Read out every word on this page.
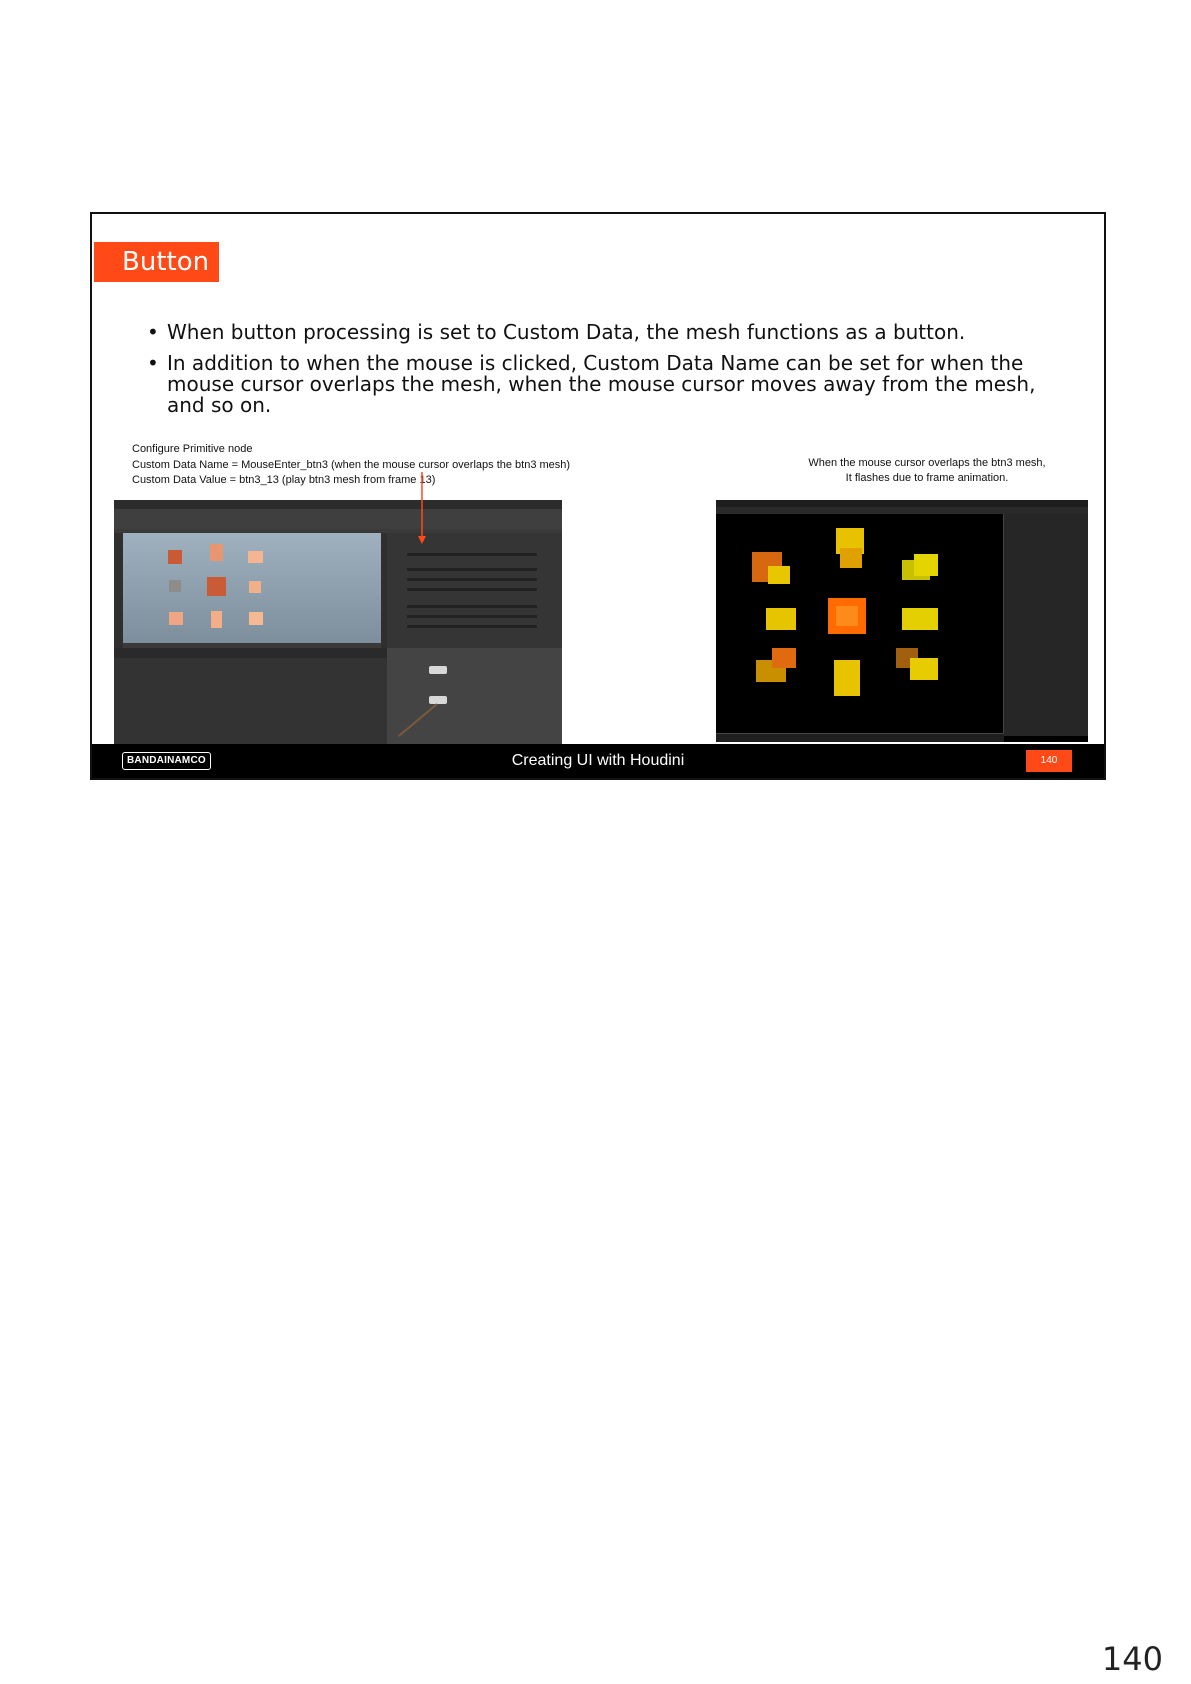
Button
• When button processing is set to Custom Data, the mesh functions as a button.
• In addition to when the mouse is clicked, Custom Data Name can be set for when the mouse cursor overlaps the mesh, when the mouse cursor moves away from the mesh, and so on.
Configure Primitive node
Custom Data Name = MouseEnter_btn3 (when the mouse cursor overlaps the btn3 mesh)
Custom Data Value = btn3_13 (play btn3 mesh from frame 13)
When the mouse cursor overlaps the btn3 mesh,
It flashes due to frame animation.
BANDAINAMCO	Creating UI with Houdini	140
140
